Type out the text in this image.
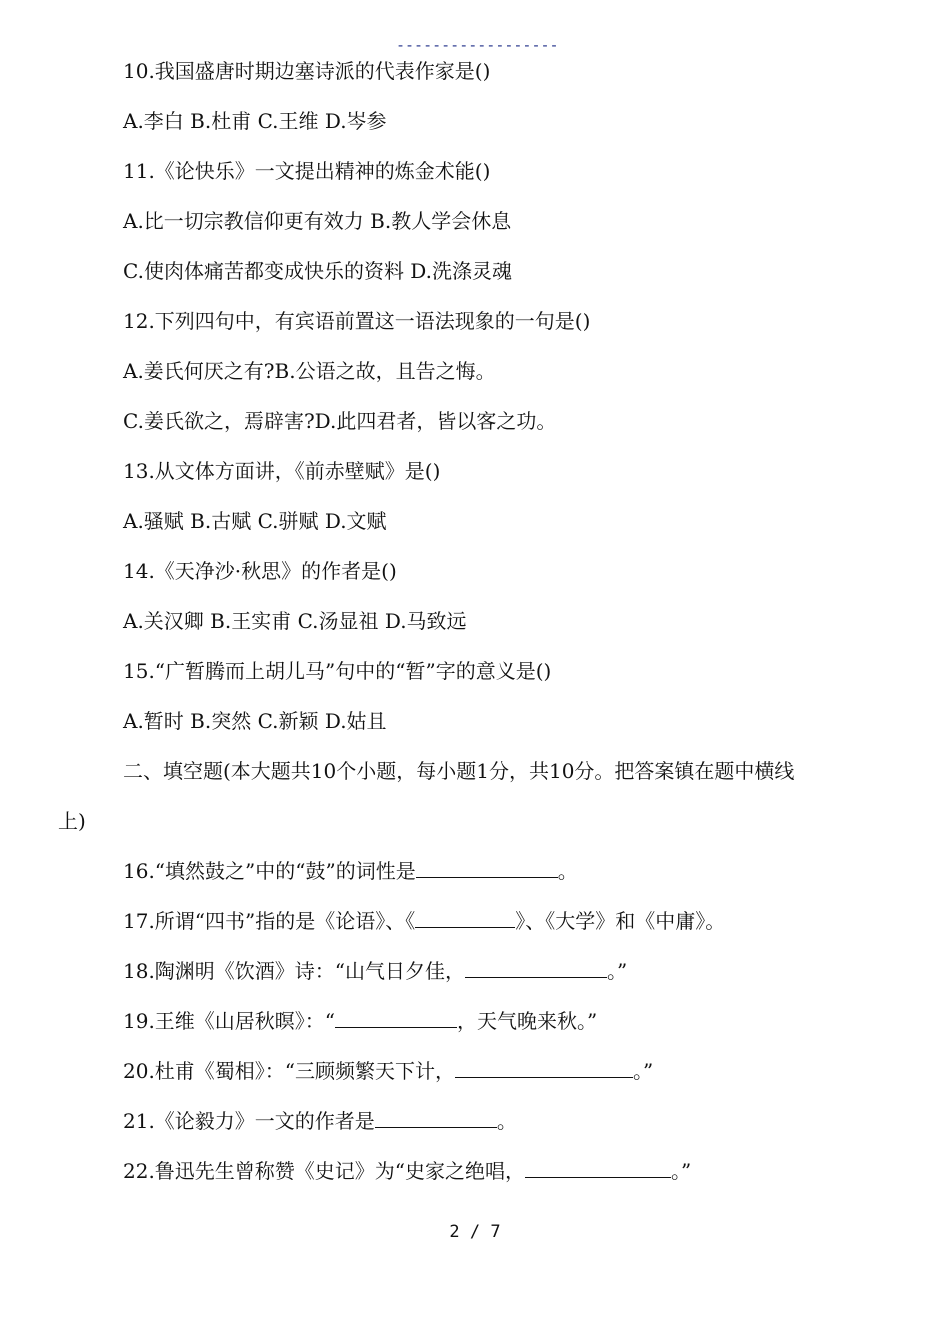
------------------
10.我国盛唐时期边塞诗派的代表作家是()
A.李白 B.杜甫 C.王维 D.岑参
11.《论快乐》一文提出精神的炼金术能()
A.比一切宗教信仰更有效力 B.教人学会休息
C.使肉体痛苦都变成快乐的资料 D.洗涤灵魂
12.下列四句中，有宾语前置这一语法现象的一句是()
A.姜氏何厌之有?B.公语之故，且告之悔。
C.姜氏欲之，焉辟害?D.此四君者，皆以客之功。
13.从文体方面讲，《前赤壁赋》是()
A.骚赋 B.古赋 C.骈赋 D.文赋
14.《天净沙·秋思》的作者是()
A.关汉卿 B.王实甫 C.汤显祖 D.马致远
15.“广暂腾而上胡儿马”句中的“暂”字的意义是()
A.暂时 B.突然 C.新颖 D.姑且
二、填空题(本大题共10个小题，每小题1分，共10分。把答案镇在题中横线
上)
16.“填然鼓之”中的“鼓”的词性是	。
17.所谓“四书”指的是《论语》、《	》、《大学》和《中庸》。
18.陶渊明《饮酒》诗：“山气日夕佳，	。”
19.王维《山居秋暝》：“	，天气晚来秋。”
20.杜甫《蜀相》：“三顾频繁天下计，	。”
21.《论毅力》一文的作者是	。
22.鲁迅先生曾称赞《史记》为“史家之绝唱，	。”
2 / 7
